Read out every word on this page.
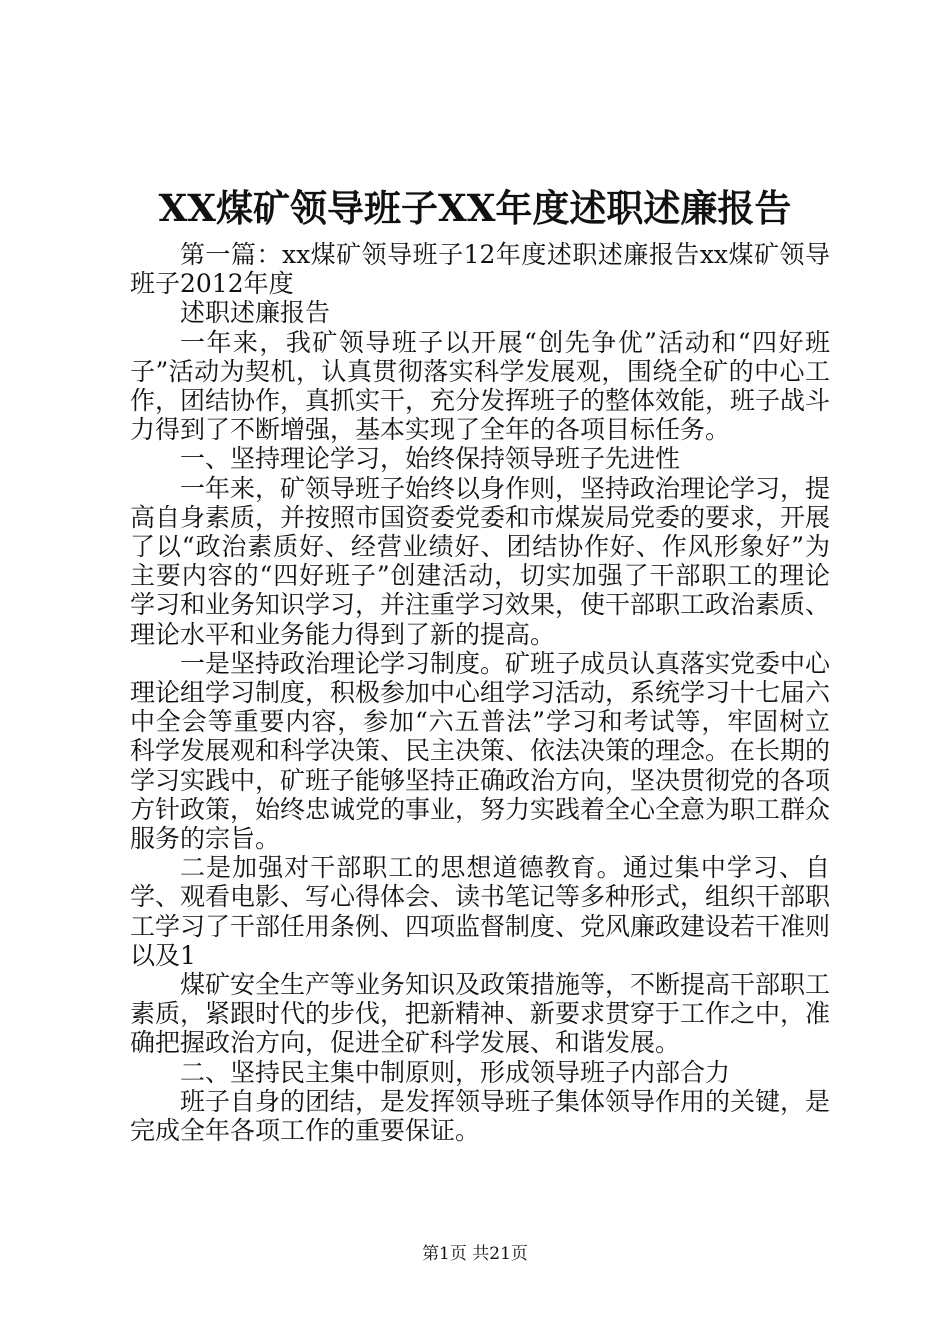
XX煤矿领导班子XX年度述职述廉报告

第一篇：xx煤矿领导班子12年度述职述廉报告xx煤矿领导班子2012年度

述职述廉报告

一年来，我矿领导班子以开展“创先争优”活动和“四好班子”活动为契机，认真贯彻落实科学发展观，围绕全矿的中心工作，团结协作，真抓实干，充分发挥班子的整体效能，班子战斗力得到了不断增强，基本实现了全年的各项目标任务。

一、坚持理论学习，始终保持领导班子先进性

一年来，矿领导班子始终以身作则，坚持政治理论学习，提高自身素质，并按照市国资委党委和市煤炭局党委的要求，开展了以“政治素质好、经营业绩好、团结协作好、作风形象好”为主要内容的“四好班子”创建活动，切实加强了干部职工的理论学习和业务知识学习，并注重学习效果，使干部职工政治素质、理论水平和业务能力得到了新的提高。

一是坚持政治理论学习制度。矿班子成员认真落实党委中心理论组学习制度，积极参加中心组学习活动，系统学习十七届六中全会等重要内容，参加“六五普法”学习和考试等，牢固树立科学发展观和科学决策、民主决策、依法决策的理念。在长期的学习实践中，矿班子能够坚持正确政治方向，坚决贯彻党的各项方针政策，始终忠诚党的事业，努力实践着全心全意为职工群众服务的宗旨。

二是加强对干部职工的思想道德教育。通过集中学习、自学、观看电影、写心得体会、读书笔记等多种形式，组织干部职工学习了干部任用条例、四项监督制度、党风廉政建设若干准则以及1

煤矿安全生产等业务知识及政策措施等，不断提高干部职工素质，紧跟时代的步伐，把新精神、新要求贯穿于工作之中，准确把握政治方向，促进全矿科学发展、和谐发展。

二、坚持民主集中制原则，形成领导班子内部合力

班子自身的团结，是发挥领导班子集体领导作用的关键，是完成全年各项工作的重要保证。

第1页 共21页
